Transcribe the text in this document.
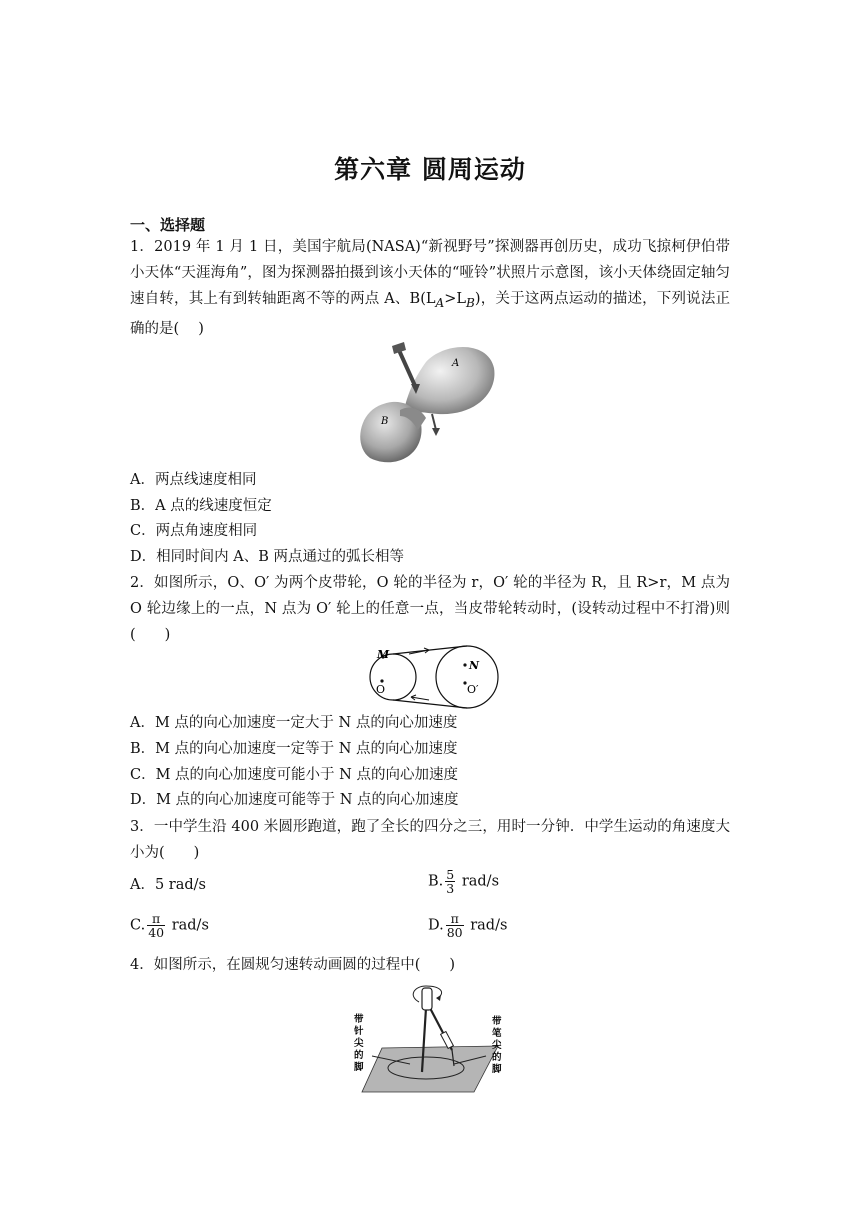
第六章 圆周运动
一、选择题
1．2019 年 1 月 1 日，美国宇航局(NASA)“新视野号”探测器再创历史，成功飞掠柯伊伯带小天体“天涯海角”，图为探测器拍摄到该小天体的“哑铃”状照片示意图，该小天体绕固定轴匀速自转，其上有到转轴距离不等的两点 A、$B(L_A>L_B)$，关于这两点运动的描述，下列说法正确的是(　 )
A
B
A．两点线速度相同
B．A 点的线速度恒定
C．两点角速度相同
D．相同时间内 A、B 两点通过的弧长相等
2．如图所示，O、O′ 为两个皮带轮，O 轮的半径为 r，O′ 轮的半径为 R，且 R>r，M 点为 O 轮边缘上的一点，N 点为 O′ 轮上的任意一点，当皮带轮转动时，(设转动过程中不打滑)则(　　)
M
N
O	O′
A．M 点的向心加速度一定大于 N 点的向心加速度
B．M 点的向心加速度一定等于 N 点的向心加速度
C．M 点的向心加速度可能小于 N 点的向心加速度
D．M 点的向心加速度可能等于 N 点的向心加速度
3．一中学生沿 400 米圆形跑道，跑了全长的四分之三，用时一分钟．中学生运动的角速度大小为(　　)
A．5 rad/s	B. $\frac{5}{3} rad/s$
C. $\frac{\pi}{40} rad/s$	D. $\frac{\pi}{80} rad/s$
4．如图所示，在圆规匀速转动画圆的过程中(　　)
带 针 尖 的 脚
带 笔 尖 的 脚
